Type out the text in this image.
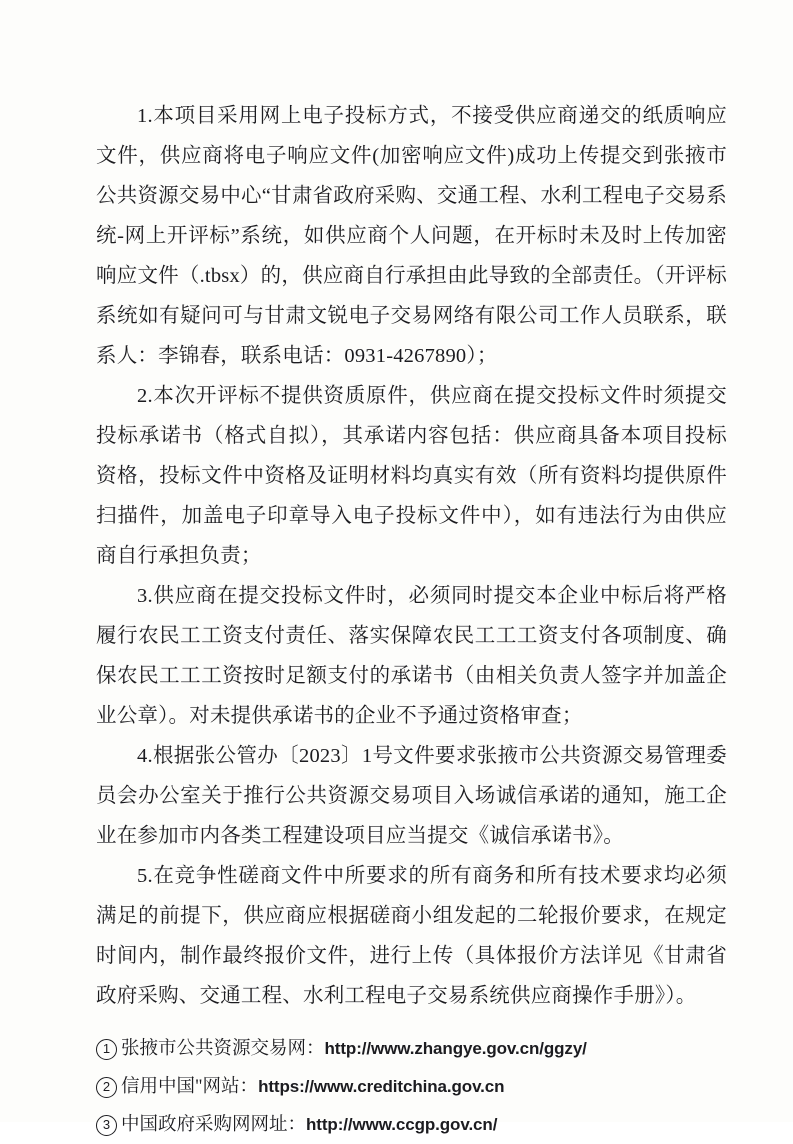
1.本项目采用网上电子投标方式，不接受供应商递交的纸质响应文件，供应商将电子响应文件(加密响应文件)成功上传提交到张掖市公共资源交易中心“甘肃省政府采购、交通工程、水利工程电子交易系统-网上开评标”系统，如供应商个人问题，在开标时未及时上传加密响应文件（.tbsx）的，供应商自行承担由此导致的全部责任。（开评标系统如有疑问可与甘肃文锐电子交易网络有限公司工作人员联系，联系人：李锦春，联系电话：0931-4267890）；

2.本次开评标不提供资质原件，供应商在提交投标文件时须提交投标承诺书（格式自拟），其承诺内容包括：供应商具备本项目投标资格，投标文件中资格及证明材料均真实有效（所有资料均提供原件扫描件，加盖电子印章导入电子投标文件中），如有违法行为由供应商自行承担负责；

3.供应商在提交投标文件时，必须同时提交本企业中标后将严格履行农民工工资支付责任、落实保障农民工工工资支付各项制度、确保农民工工工资按时足额支付的承诺书（由相关负责人签字并加盖企业公章）。对未提供承诺书的企业不予通过资格审查；

4.根据张公管办〔2023〕1号文件要求张掖市公共资源交易管理委员会办公室关于推行公共资源交易项目入场诚信承诺的通知，施工企业在参加市内各类工程建设项目应当提交《诚信承诺书》。

5.在竞争性磋商文件中所要求的所有商务和所有技术要求均必须满足的前提下，供应商应根据磋商小组发起的二轮报价要求，在规定时间内，制作最终报价文件，进行上传（具体报价方法详见《甘肃省政府采购、交通工程、水利工程电子交易系统供应商操作手册》）。

1 张掖市公共资源交易网： http://www.zhangye.gov.cn/ggzy/
2 信用中国"网站： https://www.creditchina.gov.cn
3 中国政府采购网网址： http://www.ccgp.gov.cn/
